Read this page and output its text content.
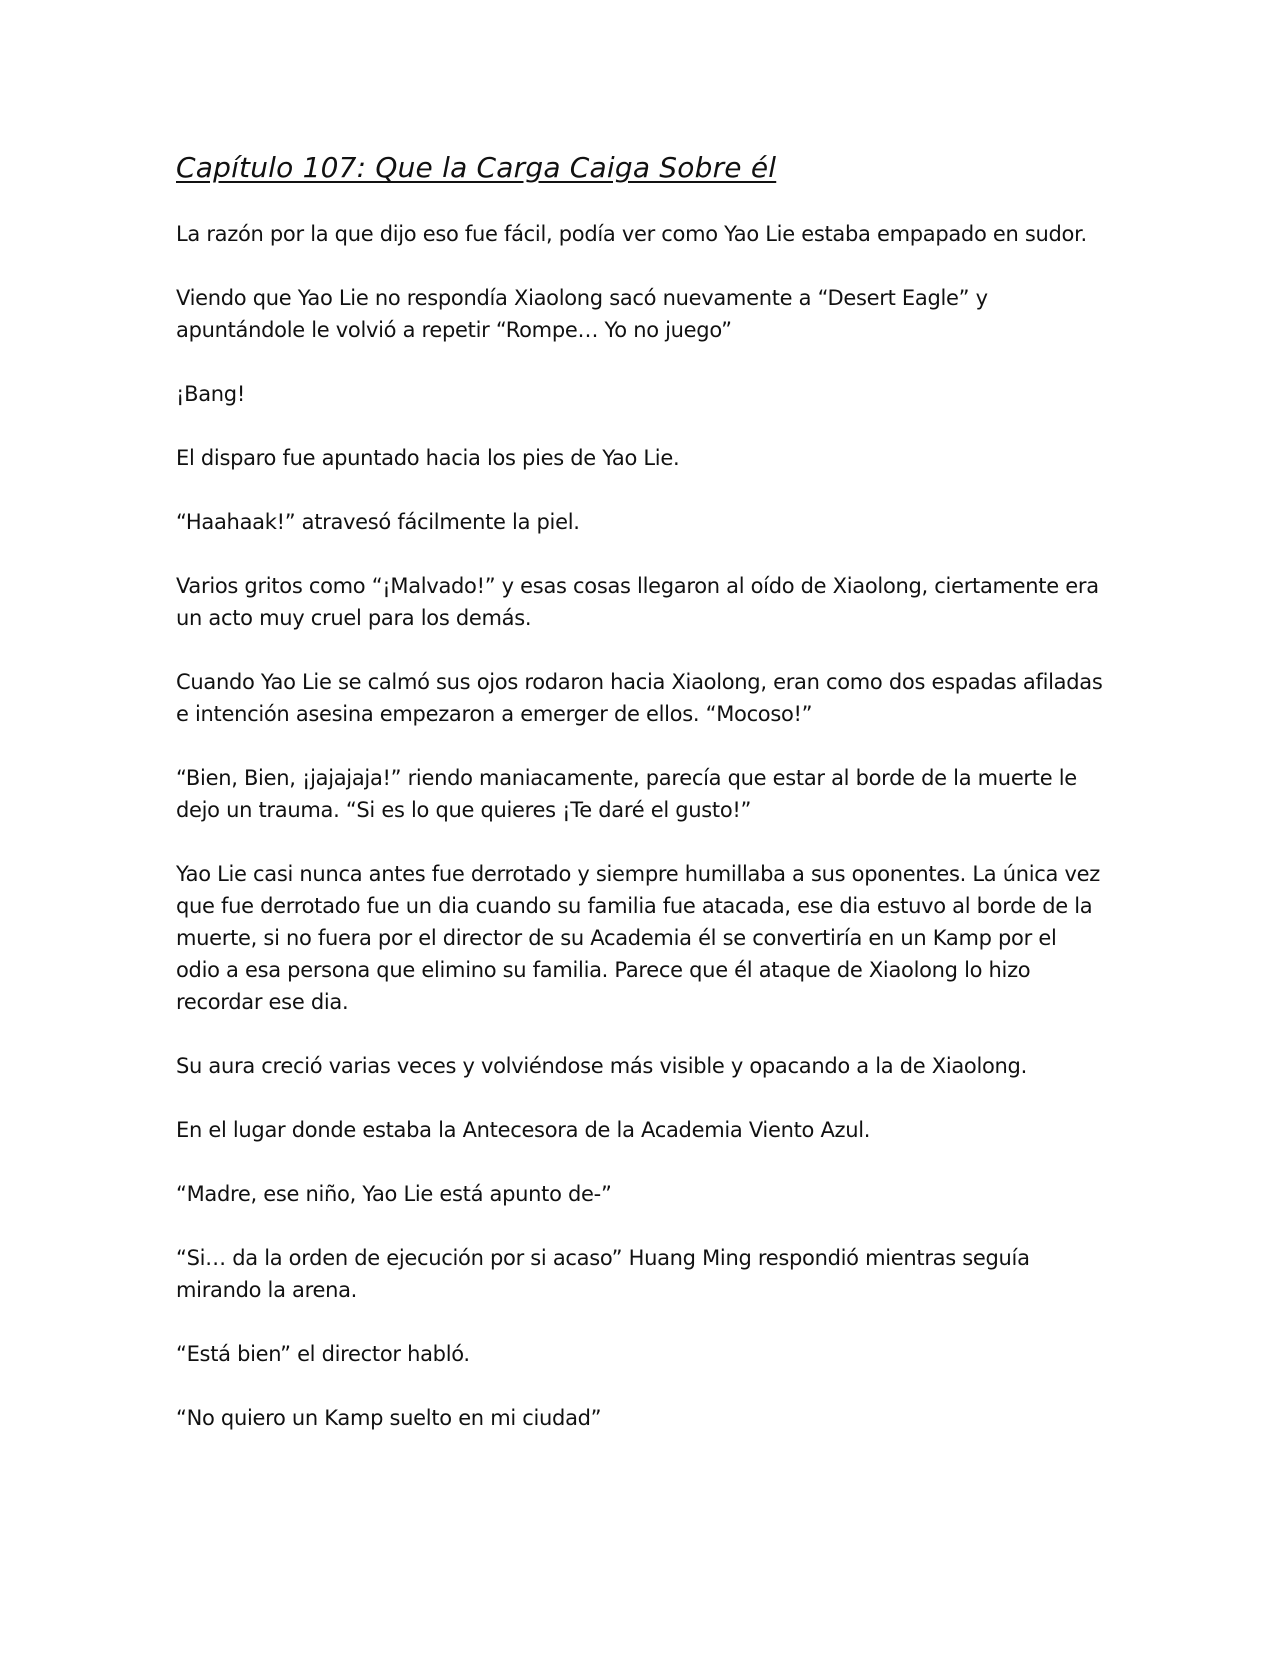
Capítulo 107: Que la Carga Caiga Sobre él

La razón por la que dijo eso fue fácil, podía ver como Yao Lie estaba empapado en sudor.

Viendo que Yao Lie no respondía Xiaolong sacó nuevamente a “Desert Eagle” y apuntándole le volvió a repetir “Rompe… Yo no juego”

¡Bang!

El disparo fue apuntado hacia los pies de Yao Lie.

“Haahaak!” atravesó fácilmente la piel.

Varios gritos como “¡Malvado!” y esas cosas llegaron al oído de Xiaolong, ciertamente era un acto muy cruel para los demás.

Cuando Yao Lie se calmó sus ojos rodaron hacia Xiaolong, eran como dos espadas afiladas e intención asesina empezaron a emerger de ellos. “Mocoso!”

“Bien, Bien, ¡jajajaja!” riendo maniacamente, parecía que estar al borde de la muerte le dejo un trauma. “Si es lo que quieres ¡Te daré el gusto!”

Yao Lie casi nunca antes fue derrotado y siempre humillaba a sus oponentes. La única vez que fue derrotado fue un dia cuando su familia fue atacada, ese dia estuvo al borde de la muerte, si no fuera por el director de su Academia él se convertiría en un Kamp por el odio a esa persona que elimino su familia. Parece que él ataque de Xiaolong lo hizo recordar ese dia.

Su aura creció varias veces y volviéndose más visible y opacando a la de Xiaolong.

En el lugar donde estaba la Antecesora de la Academia Viento Azul.

“Madre, ese niño, Yao Lie está apunto de-”

“Si… da la orden de ejecución por si acaso” Huang Ming respondió mientras seguía mirando la arena.

“Está bien” el director habló.

“No quiero un Kamp suelto en mi ciudad”
